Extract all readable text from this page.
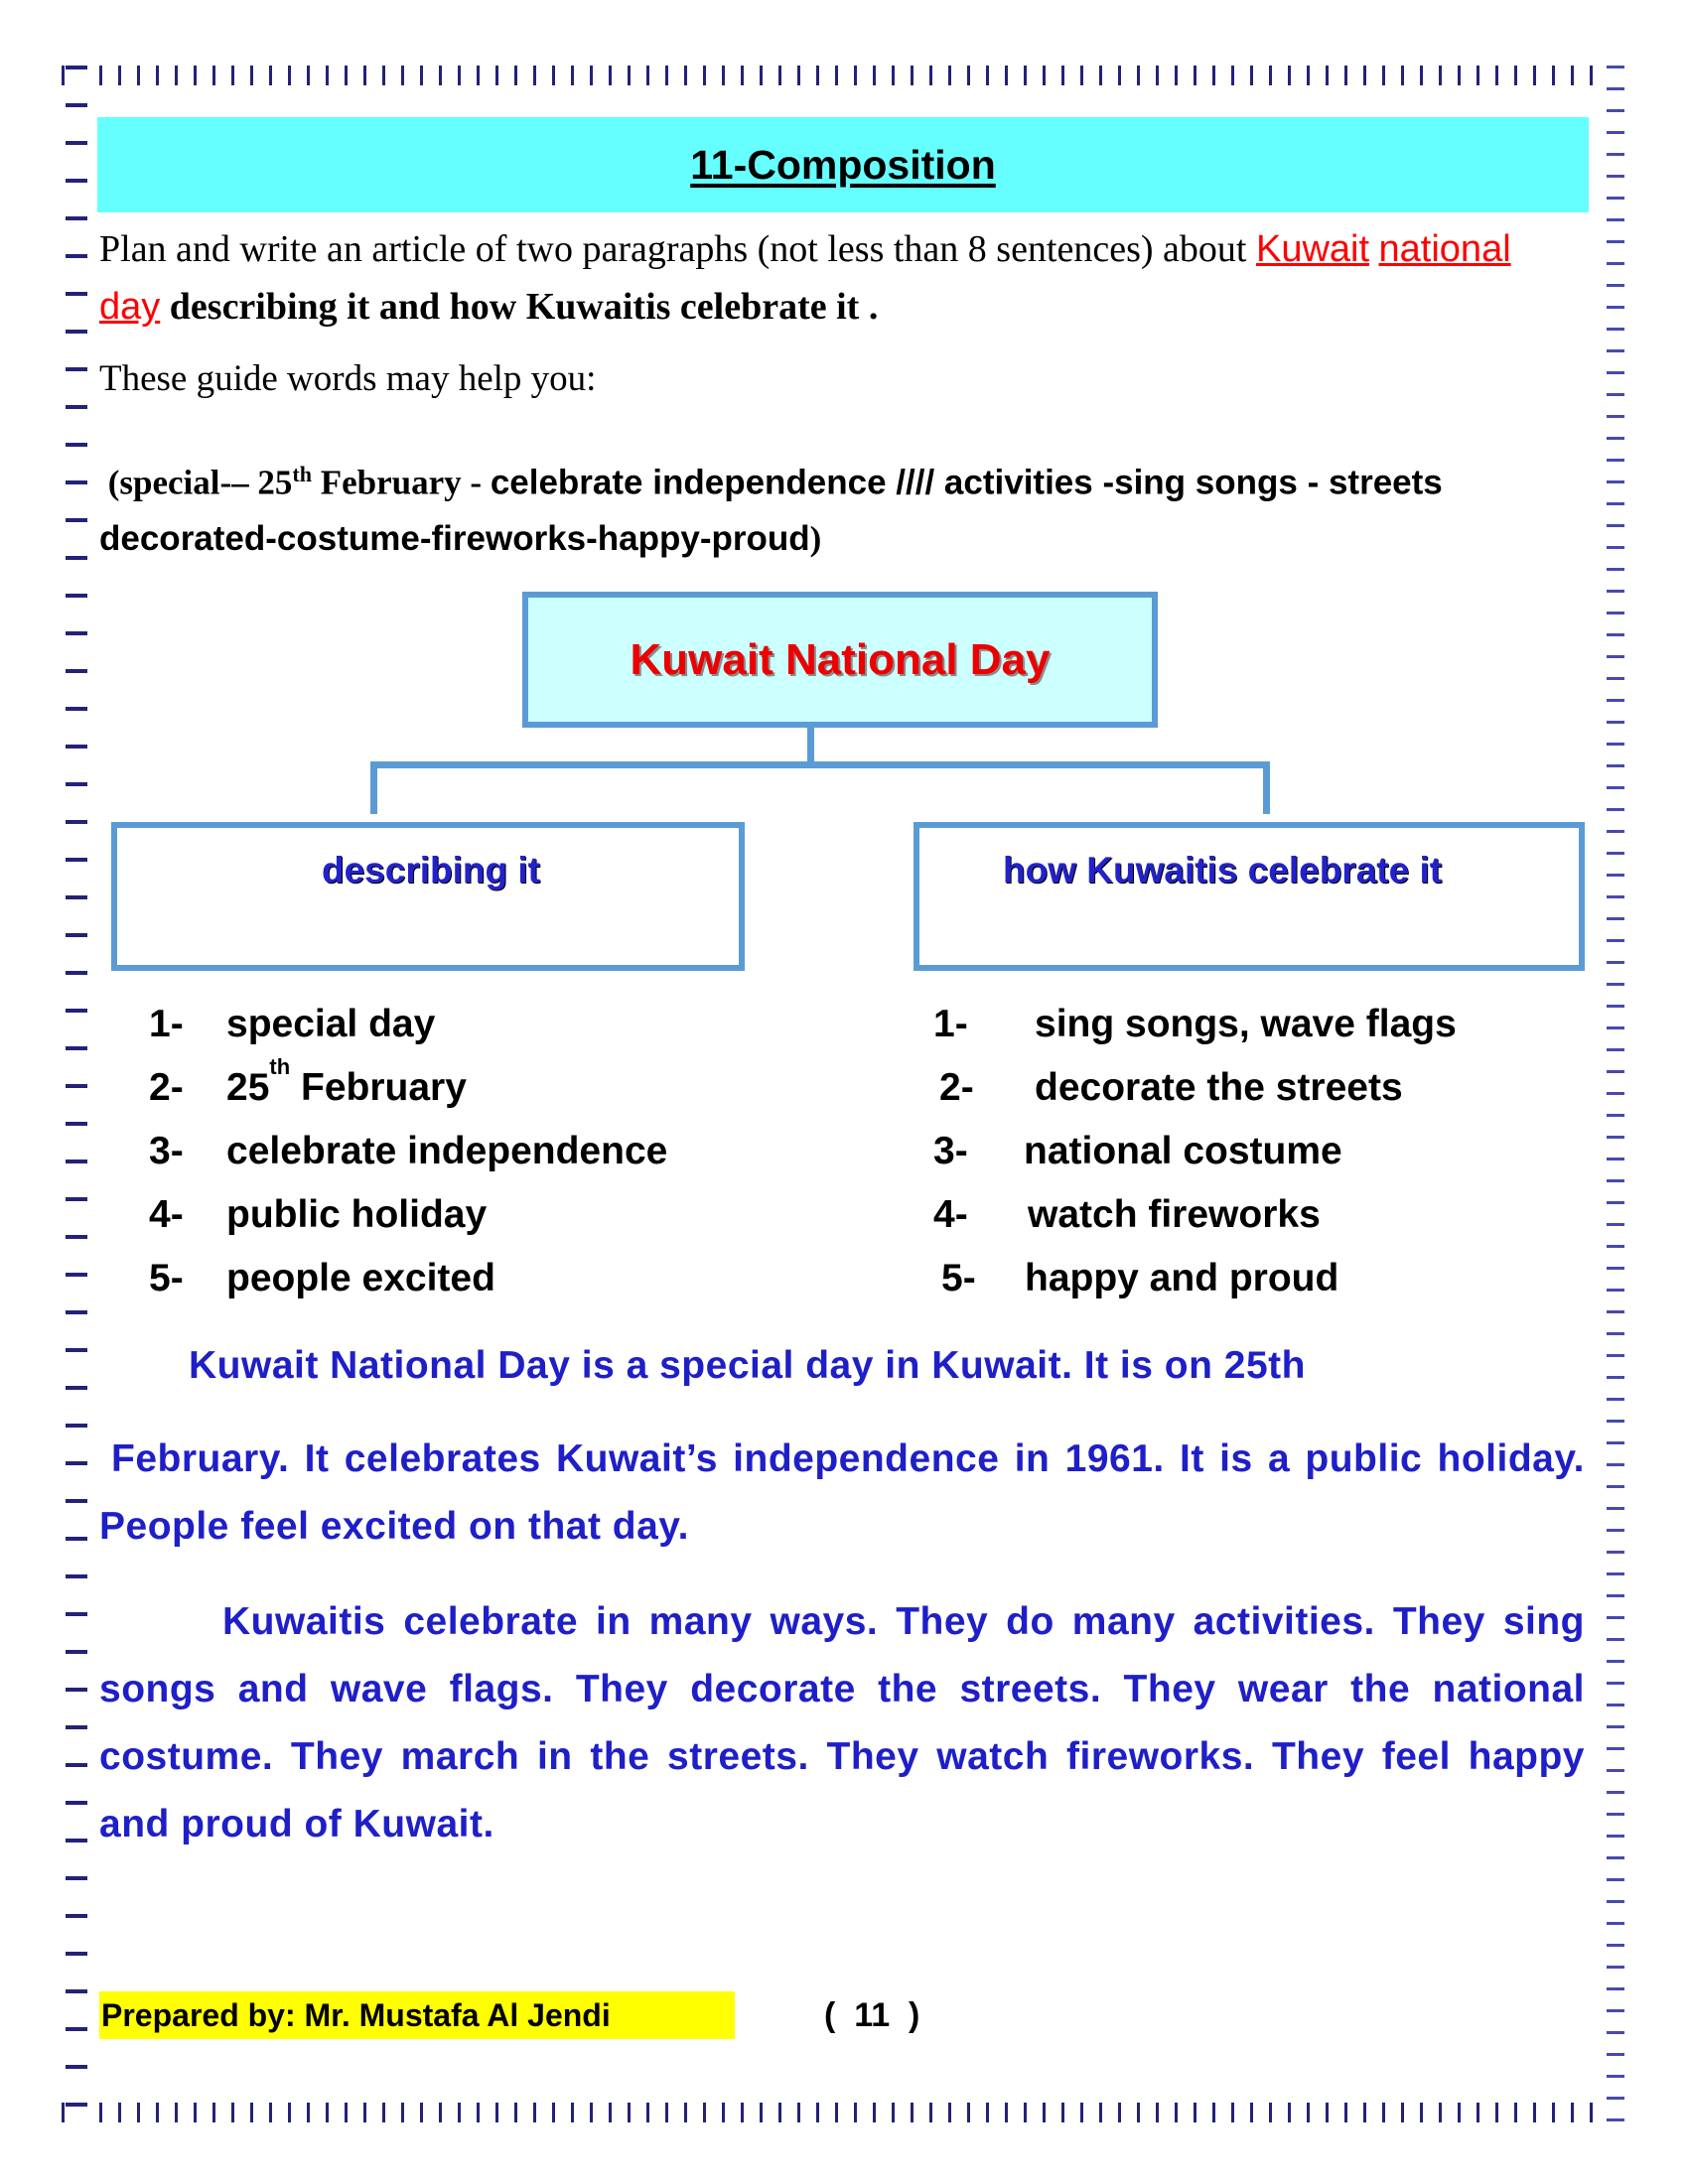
11-Composition
Plan and write an article of two paragraphs (not less than 8 sentences) about Kuwait national
day describing it and how Kuwaitis celebrate it .
These guide words may help you:
(special-– 25th February - celebrate independence //// activities -sing songs - streets decorated-costume-fireworks-happy-proud)
Kuwait National Day
describing it	how Kuwaitis celebrate it
1-	special day
2-	25 th February
3-	celebrate independence
4-	public holiday
5-	people excited
1-	sing songs, wave flags
2-	decorate the streets
3-	national costume
4-	watch fireworks
5-	happy and proud
Kuwait National Day is a special day in Kuwait. It is on 25th
February. It celebrates Kuwait’s independence in 1961. It is a public holiday. People feel excited on that day.
Kuwaitis celebrate in many ways. They do many activities. They sing songs and wave flags. They decorate the streets. They wear the national costume. They march in the streets. They watch fireworks. They feel happy and proud of Kuwait.
Prepared by: Mr. Mustafa Al Jendi	(  11  )
